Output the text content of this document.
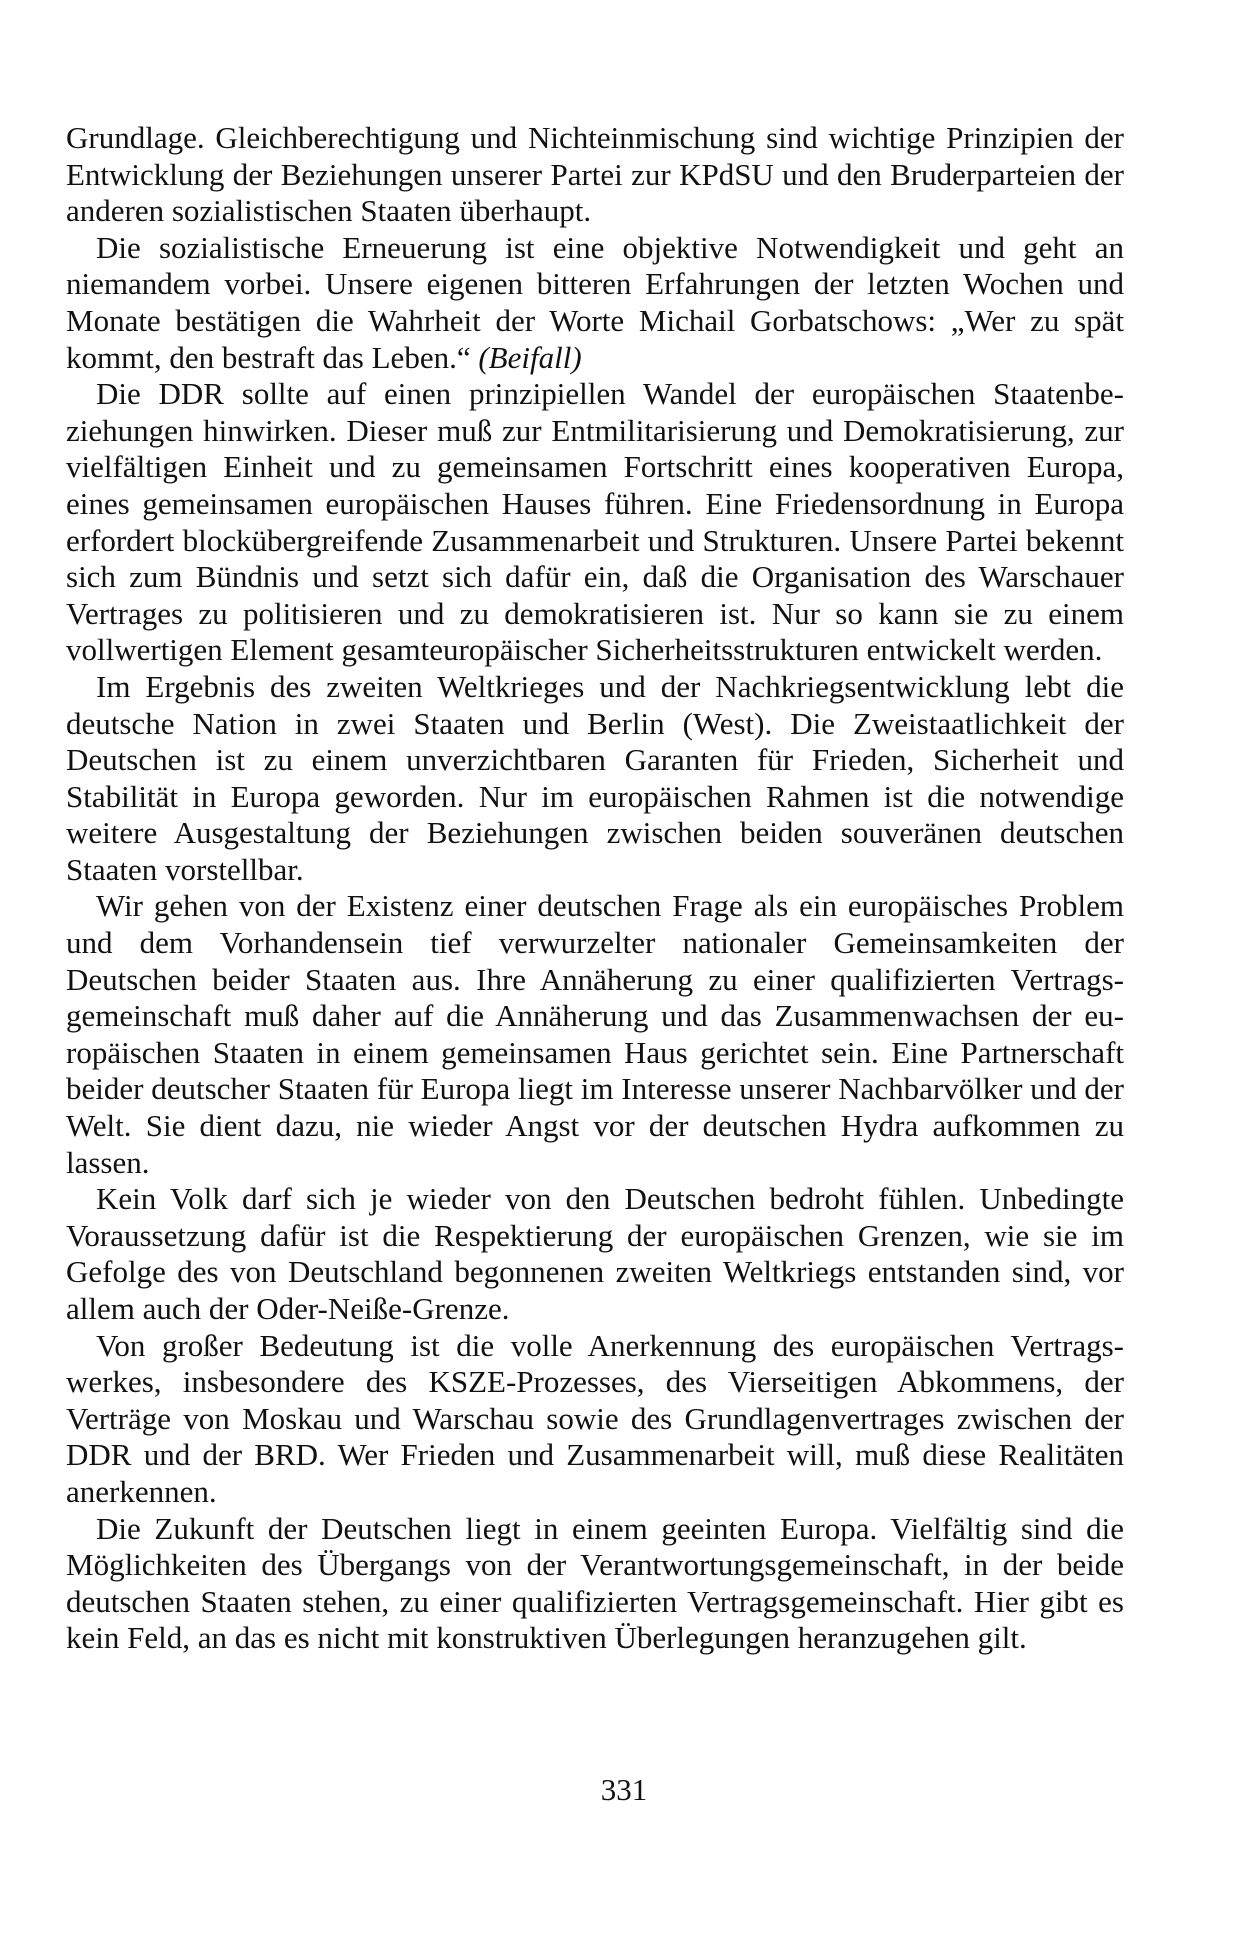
Grundlage. Gleichberechtigung und Nichteinmischung sind wichtige Prinzipien der Entwicklung der Beziehungen unserer Partei zur KPdSU und den Bruderparteien der anderen sozialistischen Staaten überhaupt.

Die sozialistische Erneuerung ist eine objektive Notwendigkeit und geht an niemandem vorbei. Unsere eigenen bitteren Erfahrungen der letzten Wochen und Monate bestätigen die Wahrheit der Worte Michail Gorbatschows: „Wer zu spät kommt, den bestraft das Leben.“ (Beifall)

Die DDR sollte auf einen prinzipiellen Wandel der europäischen Staatenbeziehungen hinwirken. Dieser muß zur Entmilitarisierung und Demokratisierung, zur vielfältigen Einheit und zu gemeinsamen Fortschritt eines kooperativen Europa, eines gemeinsamen europäischen Hauses führen. Eine Friedensordnung in Europa erfordert blockübergreifende Zusammenarbeit und Strukturen. Unsere Partei bekennt sich zum Bündnis und setzt sich dafür ein, daß die Organisation des Warschauer Vertrages zu politisieren und zu demokratisieren ist. Nur so kann sie zu einem vollwertigen Element gesamteuropäischer Sicherheitsstrukturen entwickelt werden.

Im Ergebnis des zweiten Weltkrieges und der Nachkriegsentwicklung lebt die deutsche Nation in zwei Staaten und Berlin (West). Die Zweistaatlichkeit der Deutschen ist zu einem unverzichtbaren Garanten für Frieden, Sicherheit und Stabilität in Europa geworden. Nur im europäischen Rahmen ist die notwendige weitere Ausgestaltung der Beziehungen zwischen beiden souveränen deutschen Staaten vorstellbar.

Wir gehen von der Existenz einer deutschen Frage als ein europäisches Problem und dem Vorhandensein tief verwurzelter nationaler Gemeinsamkeiten der Deutschen beider Staaten aus. Ihre Annäherung zu einer qualifizierten Vertragsgemeinschaft muß daher auf die Annäherung und das Zusammenwachsen der europäischen Staaten in einem gemeinsamen Haus gerichtet sein. Eine Partnerschaft beider deutscher Staaten für Europa liegt im Interesse unserer Nachbarvölker und der Welt. Sie dient dazu, nie wieder Angst vor der deutschen Hydra aufkommen zu lassen.

Kein Volk darf sich je wieder von den Deutschen bedroht fühlen. Unbedingte Voraussetzung dafür ist die Respektierung der europäischen Grenzen, wie sie im Gefolge des von Deutschland begonnenen zweiten Weltkriegs entstanden sind, vor allem auch der Oder-Neiße-Grenze.

Von großer Bedeutung ist die volle Anerkennung des europäischen Vertragswerkes, insbesondere des KSZE-Prozesses, des Vierseitigen Abkommens, der Verträge von Moskau und Warschau sowie des Grundlagenvertrages zwischen der DDR und der BRD. Wer Frieden und Zusammenarbeit will, muß diese Realitäten anerkennen.

Die Zukunft der Deutschen liegt in einem geeinten Europa. Vielfältig sind die Möglichkeiten des Übergangs von der Verantwortungsgemeinschaft, in der beide deutschen Staaten stehen, zu einer qualifizierten Vertragsgemeinschaft. Hier gibt es kein Feld, an das es nicht mit konstruktiven Überlegungen heranzugehen gilt.

331
